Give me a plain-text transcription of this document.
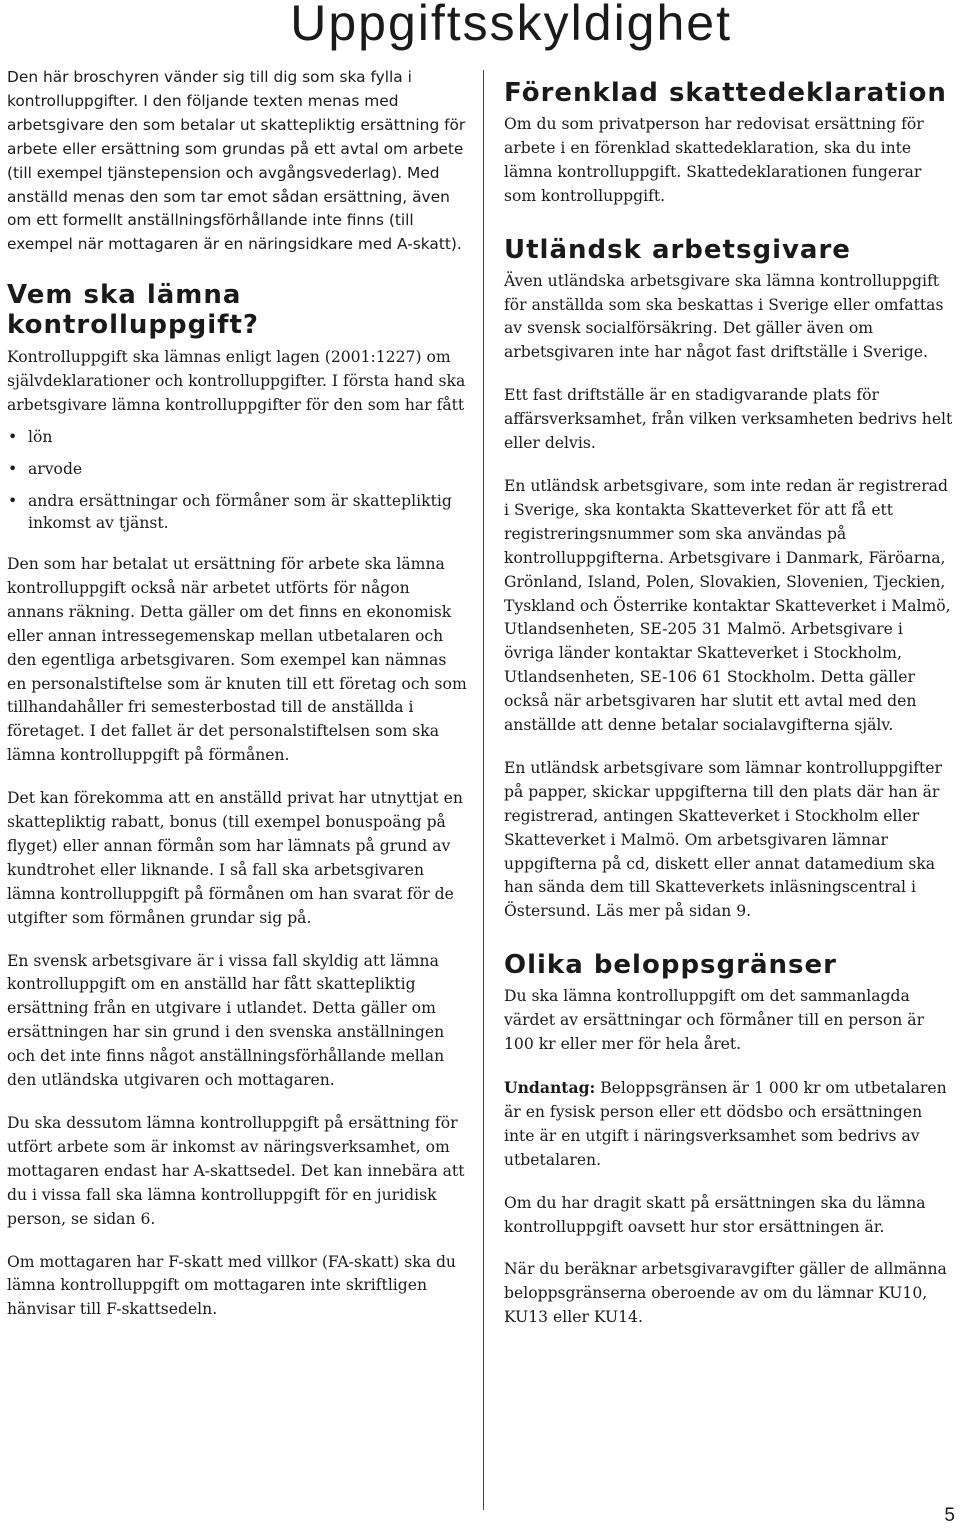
Uppgiftsskyldighet

Den här broschyren vänder sig till dig som ska fylla i kontrolluppgifter. I den följande texten menas med arbetsgivare den som betalar ut skattepliktig ersättning för arbete eller ersättning som grundas på ett avtal om arbete (till exempel tjänstepension och avgångsvederlag). Med anställd menas den som tar emot sådan ersättning, även om ett formellt anställningsförhållande inte finns (till exempel när mottagaren är en näringsidkare med A-skatt).

Vem ska lämna kontrolluppgift?

Kontrolluppgift ska lämnas enligt lagen (2001:1227) om självdeklarationer och kontrolluppgifter. I första hand ska arbetsgivare lämna kontrolluppgifter för den som har fått

• lön
• arvode
• andra ersättningar och förmåner som är skattepliktig inkomst av tjänst.

Den som har betalat ut ersättning för arbete ska lämna kontrolluppgift också när arbetet utförts för någon annans räkning. Detta gäller om det finns en ekonomisk eller annan intressegemenskap mellan utbetalaren och den egentliga arbetsgivaren. Som exempel kan nämnas en personalstiftelse som är knuten till ett företag och som tillhandahåller fri semesterbostad till de anställda i företaget. I det fallet är det personalstiftelsen som ska lämna kontrolluppgift på förmånen.

Det kan förekomma att en anställd privat har utnyttjat en skattepliktig rabatt, bonus (till exempel bonuspoäng på flyget) eller annan förmån som har lämnats på grund av kundtrohet eller liknande. I så fall ska arbetsgivaren lämna kontrolluppgift på förmånen om han svarat för de utgifter som förmånen grundar sig på.

En svensk arbetsgivare är i vissa fall skyldig att lämna kontrolluppgift om en anställd har fått skattepliktig ersättning från en utgivare i utlandet. Detta gäller om ersättningen har sin grund i den svenska anställningen och det inte finns något anställningsförhållande mellan den utländska utgivaren och mottagaren.

Du ska dessutom lämna kontrolluppgift på ersättning för utfört arbete som är inkomst av näringsverksamhet, om mottagaren endast har A-skattsedel. Det kan innebära att du i vissa fall ska lämna kontrolluppgift för en juridisk person, se sidan 6.

Om mottagaren har F-skatt med villkor (FA-skatt) ska du lämna kontrolluppgift om mottagaren inte skriftligen hänvisar till F-skattsedeln.

Förenklad skattedeklaration

Om du som privatperson har redovisat ersättning för arbete i en förenklad skattedeklaration, ska du inte lämna kontrolluppgift. Skattedeklarationen fungerar som kontrolluppgift.

Utländsk arbetsgivare

Även utländska arbetsgivare ska lämna kontrolluppgift för anställda som ska beskattas i Sverige eller omfattas av svensk socialförsäkring. Det gäller även om arbetsgivaren inte har något fast driftställe i Sverige.

Ett fast driftställe är en stadigvarande plats för affärsverksamhet, från vilken verksamheten bedrivs helt eller delvis.

En utländsk arbetsgivare, som inte redan är registrerad i Sverige, ska kontakta Skatteverket för att få ett registreringsnummer som ska användas på kontrolluppgifterna. Arbetsgivare i Danmark, Färöarna, Grönland, Island, Polen, Slovakien, Slovenien, Tjeckien, Tyskland och Österrike kontaktar Skatteverket i Malmö, Utlandsenheten, SE-205 31 Malmö. Arbetsgivare i övriga länder kontaktar Skatteverket i Stockholm, Utlandsenheten, SE-106 61 Stockholm. Detta gäller också när arbetsgivaren har slutit ett avtal med den anställde att denne betalar socialavgifterna själv.

En utländsk arbetsgivare som lämnar kontrolluppgifter på papper, skickar uppgifterna till den plats där han är registrerad, antingen Skatteverket i Stockholm eller Skatteverket i Malmö. Om arbetsgivaren lämnar uppgifterna på cd, diskett eller annat datamedium ska han sända dem till Skatteverkets inläsningscentral i Östersund. Läs mer på sidan 9.

Olika beloppsgränser

Du ska lämna kontrolluppgift om det sammanlagda värdet av ersättningar och förmåner till en person är 100 kr eller mer för hela året.

Undantag: Beloppsgränsen är 1 000 kr om utbetalaren är en fysisk person eller ett dödsbo och ersättningen inte är en utgift i näringsverksamhet som bedrivs av utbetalaren.

Om du har dragit skatt på ersättningen ska du lämna kontrolluppgift oavsett hur stor ersättningen är.

När du beräknar arbetsgivaravgifter gäller de allmänna beloppsgränserna oberoende av om du lämnar KU10, KU13 eller KU14.

5
